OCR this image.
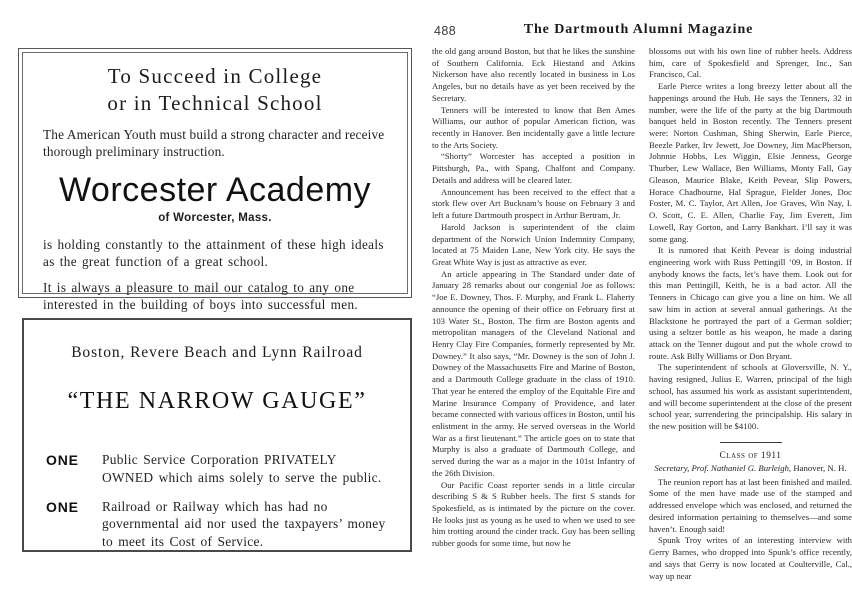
To Succeed in College
or in Technical School

The American Youth must build a strong character and receive thorough preliminary instruction.

Worcester Academy
of Worcester, Mass.

is holding constantly to the attainment of these high ideals as the great function of a great school.

It is always a pleasure to mail our catalog to any one interested in the building of boys into successful men.

Boston, Revere Beach and Lynn Railroad
“THE NARROW GAUGE”
ONE	Public Service Corporation PRIVATELY OWNED which aims solely to serve the public.
ONE	Railroad or Railway which has had no governmental aid nor used the taxpayers’ money to meet its Cost of Service.
488	The Dartmouth Alumni Magazine

the old gang around Boston, but that he likes the sunshine of Southern California. Eck Hiestand and Atkins Nickerson have also recently located in business in Los Angeles, but no details have as yet been received by the Secretary.

Tenners will be interested to know that Ben Ames Williams, our author of popular American fiction, was recently in Hanover. Ben incidentally gave a little lecture to the Arts Society.

“Shorty” Worcester has accepted a position in Pittsburgh, Pa., with Spang, Chalfont and Company. Details and address will be cleared later.

Announcement has been received to the effect that a stork flew over Art Bucknam’s house on February 3 and left a future Dartmouth prospect in Arthur Bertram, Jr.

Harold Jackson is superintendent of the claim department of the Norwich Union Indemnity Company, located at 75 Maiden Lane, New York city. He says the Great White Way is just as attractive as ever.

An article appearing in The Standard under date of January 28 remarks about our congenial Joe as follows: “Joe E. Downey, Thos. F. Murphy, and Frank L. Flaherty announce the opening of their office on February first at 103 Water St., Boston. The firm are Boston agents and metropolitan managers of the Cleveland National and Henry Clay Fire Companies, formerly represented by Mr. Downey.” It also says, “Mr. Downey is the son of John J. Downey of the Massachusetts Fire and Marine of Boston, and a Dartmouth College graduate in the class of 1910. That year he entered the employ of the Equitable Fire and Marine Insurance Company of Providence, and later became connected with various offices in Boston, until his enlistment in the army. He served overseas in the World War as a first lieutenant.” The article goes on to state that Murphy is also a graduate of Dartmouth College, and served during the war as a major in the 101st Infantry of the 26th Division.

Our Pacific Coast reporter sends in a little circular describing S & S Rubber heels. The first S stands for Spokesfield, as is intimated by the picture on the cover. He looks just as young as he used to when we used to see him trotting around the cinder track. Guy has been selling rubber goods for some time, but now he

blossoms out with his own line of rubber heels. Address him, care of Spokesfield and Sprenger, Inc., San Francisco, Cal.

Earle Pierce writes a long breezy letter about all the happenings around the Hub. He says the Tenners, 32 in number, were the life of the party at the big Dartmouth banquet held in Boston recently. The Tenners present were: Norton Cushman, Shing Sherwin, Earle Pierce, Beezle Parker, Irv Jewett, Joe Downey, Jim MacPherson, Johnnie Hobbs, Les Wiggin, Elsie Jenness, George Thurber, Lew Wallace, Ben Williams, Monty Fall, Gay Gleason, Maurice Blake, Keith Pevear, Slip Powers, Horace Chadbourne, Hal Sprague, Fielder Jones, Doc Foster, M. C. Taylor, Art Allen, Joe Graves, Win Nay, I. O. Scott, C. E. Allen, Charlie Fay, Jim Everett, Jim Lowell, Ray Gorton, and Larry Bankhart. I’ll say it was some gang.

It is rumored that Keith Pevear is doing industrial engineering work with Russ Pettingill ’09, in Boston. If anybody knows the facts, let’s have them. Look out for this man Pettingill, Keith, he is a bad actor. All the Tenners in Chicago can give you a line on him. We all saw him in action at several annual gatherings. At the Blackstone he portrayed the part of a German soldier; using a seltzer bottle as his weapon, he made a daring attack on the Tenner dugout and put the whole crowd to route. Ask Billy Williams or Don Bryant.

The superintendent of schools at Gloversville, N. Y., having resigned, Julius E. Warren, principal of the high school, has assumed his work as assistant superintendent, and will become superintendent at the close of the present school year, surrendering the principalship. His salary in the new position will be $4100.

Class of 1911
Secretary, Prof. Nathaniel G. Burleigh, Hanover, N. H.

The reunion report has at last been finished and mailed. Some of the men have made use of the stamped and addressed envelope which was enclosed, and returned the desired information pertaining to themselves—and some haven’t. Enough said!

Spunk Troy writes of an interesting interview with Gerry Barnes, who dropped into Spunk’s office recently, and says that Gerry is now located at Coulterville, Cal., way up near
